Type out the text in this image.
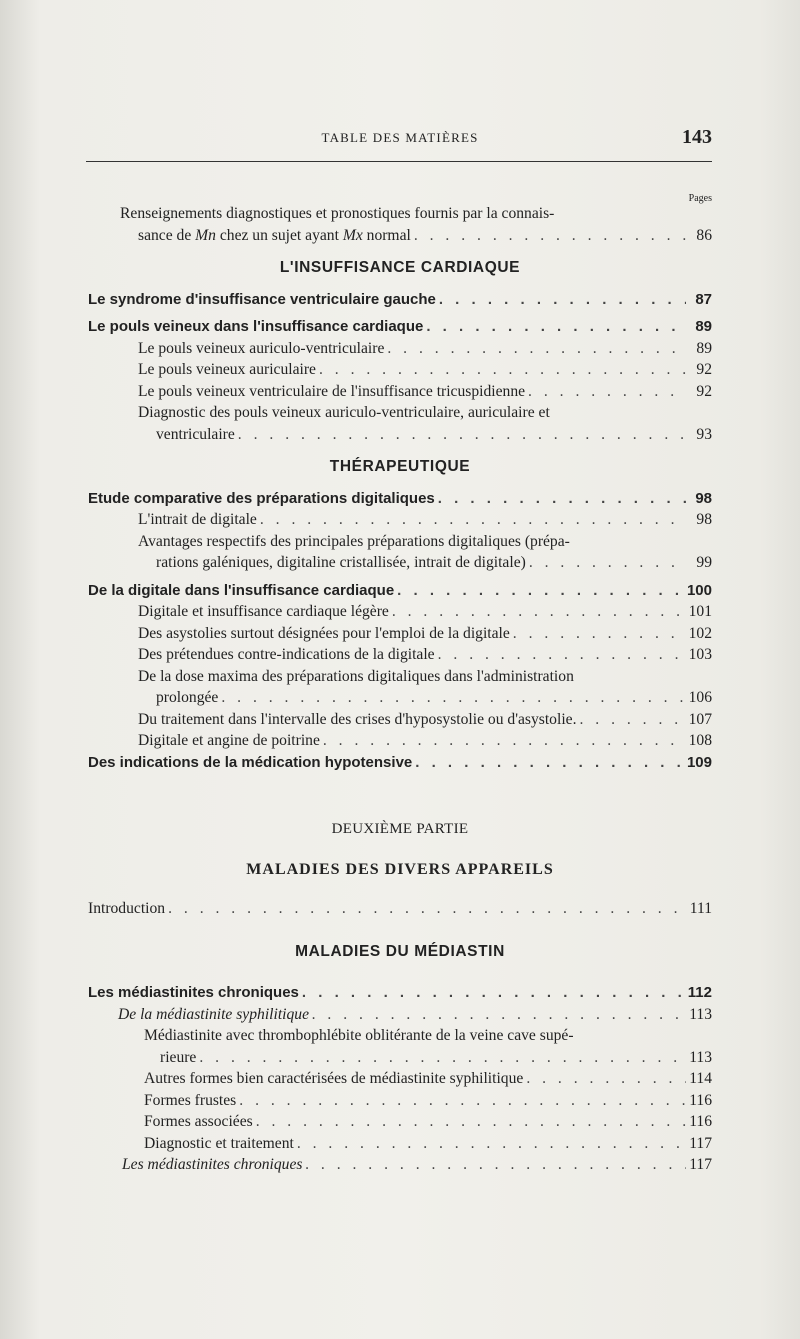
TABLE DES MATIÈRES	143
Pages
Renseignements diagnostiques et pronostiques fournis par la connais-
sance de Mn chez un sujet ayant Mx normal . . .	86
L'INSUFFISANCE CARDIAQUE
Le syndrome d'insuffisance ventriculaire gauche . . .	87
Le pouls veineux dans l'insuffisance cardiaque . . .	89
Le pouls veineux auriculo-ventriculaire . . .	89
Le pouls veineux auriculaire . . .	92
Le pouls veineux ventriculaire de l'insuffisance tricuspidienne . . .	92
Diagnostic des pouls veineux auriculo-ventriculaire, auriculaire et
ventriculaire . . .	93
THÉRAPEUTIQUE
Etude comparative des préparations digitaliques . . .	98
L'intrait de digitale . . .	98
Avantages respectifs des principales préparations digitaliques (prépa-
rations galéniques, digitaline cristallisée, intrait de digitale) . . .	99
De la digitale dans l'insuffisance cardiaque . . .	100
Digitale et insuffisance cardiaque légère . . .	101
Des asystolies surtout désignées pour l'emploi de la digitale . . .	102
Des prétendues contre-indications de la digitale . . .	103
De la dose maxima des préparations digitaliques dans l'administration
prolongée . . .	106
Du traitement dans l'intervalle des crises d'hyposystolie ou d'asystolie. . . .	107
Digitale et angine de poitrine . . .	108
Des indications de la médication hypotensive . . .	109
DEUXIÈME PARTIE
MALADIES DES DIVERS APPAREILS
Introduction . . .	111
MALADIES DU MÉDIASTIN
Les médiastinites chroniques . . .	112
De la médiastinite syphilitique . . .	113
Médiastinite avec thrombophlébite oblitérante de la veine cave supé-
rieure . . .	113
Autres formes bien caractérisées de médiastinite syphilitique . . .	114
Formes frustes . . .	116
Formes associées . . .	116
Diagnostic et traitement . . .	117
Les médiastinites chroniques . . .	117
